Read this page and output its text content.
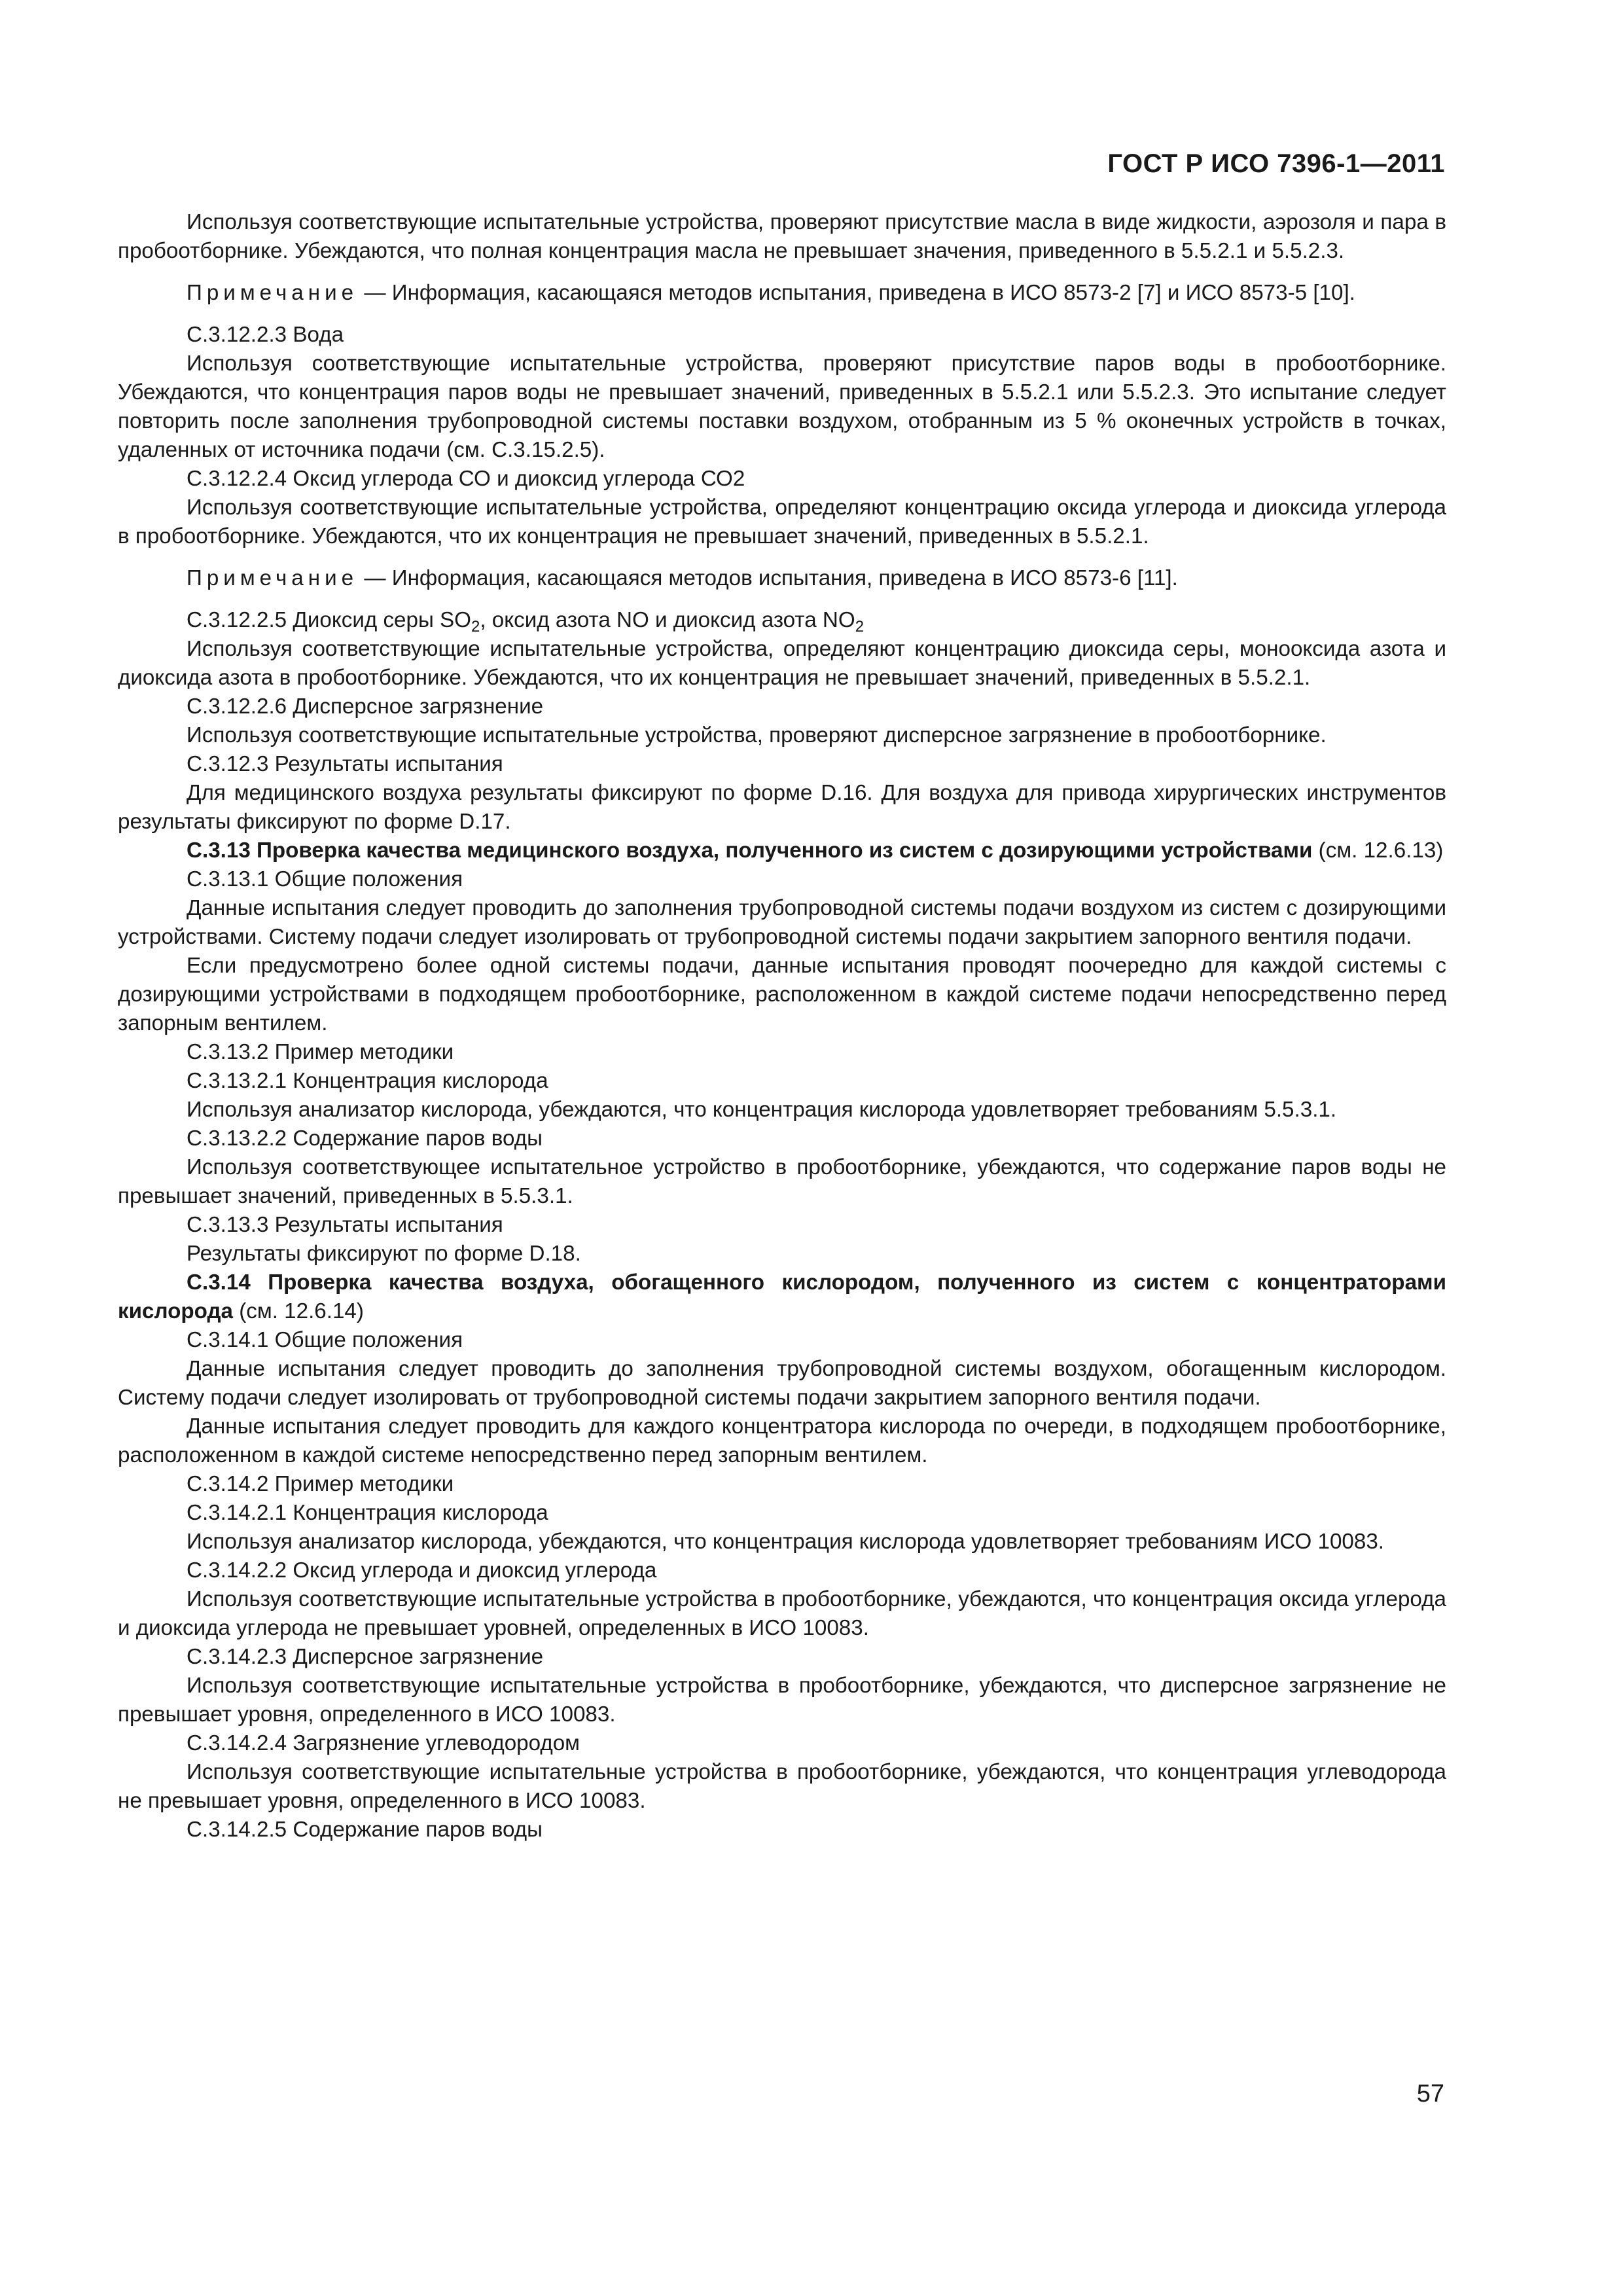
ГОСТ Р ИСО 7396-1—2011

Используя соответствующие испытательные устройства, проверяют присутствие масла в виде жидкости, аэрозоля и пара в пробоотборнике. Убеждаются, что полная концентрация масла не превышает значения, приведенного в 5.5.2.1 и 5.5.2.3.

Примечание — Информация, касающаяся методов испытания, приведена в ИСО 8573-2 [7] и ИСО 8573-5 [10].

С.3.12.2.3 Вода

Используя соответствующие испытательные устройства, проверяют присутствие паров воды в пробоотборнике. Убеждаются, что концентрация паров воды не превышает значений, приведенных в 5.5.2.1 или 5.5.2.3. Это испытание следует повторить после заполнения трубопроводной системы поставки воздухом, отобранным из 5 % оконечных устройств в точках, удаленных от источника подачи (см. С.3.15.2.5).

С.3.12.2.4 Оксид углерода СО и диоксид углерода СО2

Используя соответствующие испытательные устройства, определяют концентрацию оксида углерода и диоксида углерода в пробоотборнике. Убеждаются, что их концентрация не превышает значений, приведенных в 5.5.2.1.

Примечание — Информация, касающаяся методов испытания, приведена в ИСО 8573-6 [11].

С.3.12.2.5 Диоксид серы $SO_2$, оксид азота NO и диоксид азота $NO_2$

Используя соответствующие испытательные устройства, определяют концентрацию диоксида серы, монооксида азота и диоксида азота в пробоотборнике. Убеждаются, что их концентрация не превышает значений, приведенных в 5.5.2.1.

С.3.12.2.6 Дисперсное загрязнение

Используя соответствующие испытательные устройства, проверяют дисперсное загрязнение в пробоотборнике.

С.3.12.3 Результаты испытания

Для медицинского воздуха результаты фиксируют по форме D.16. Для воздуха для привода хирургических инструментов результаты фиксируют по форме D.17.

С.3.13 Проверка качества медицинского воздуха, полученного из систем с дозирующими устройствами (см. 12.6.13)

С.3.13.1 Общие положения

Данные испытания следует проводить до заполнения трубопроводной системы подачи воздухом из систем с дозирующими устройствами. Систему подачи следует изолировать от трубопроводной системы подачи закрытием запорного вентиля подачи.

Если предусмотрено более одной системы подачи, данные испытания проводят поочередно для каждой системы с дозирующими устройствами в подходящем пробоотборнике, расположенном в каждой системе подачи непосредственно перед запорным вентилем.

С.3.13.2 Пример методики

С.3.13.2.1 Концентрация кислорода

Используя анализатор кислорода, убеждаются, что концентрация кислорода удовлетворяет требованиям 5.5.3.1.

С.3.13.2.2 Содержание паров воды

Используя соответствующее испытательное устройство в пробоотборнике, убеждаются, что содержание паров воды не превышает значений, приведенных в 5.5.3.1.

С.3.13.3 Результаты испытания

Результаты фиксируют по форме D.18.

С.3.14 Проверка качества воздуха, обогащенного кислородом, полученного из систем с концентраторами кислорода (см. 12.6.14)

С.3.14.1 Общие положения

Данные испытания следует проводить до заполнения трубопроводной системы воздухом, обогащенным кислородом. Систему подачи следует изолировать от трубопроводной системы подачи закрытием запорного вентиля подачи.

Данные испытания следует проводить для каждого концентратора кислорода по очереди, в подходящем пробоотборнике, расположенном в каждой системе непосредственно перед запорным вентилем.

С.3.14.2 Пример методики

С.3.14.2.1 Концентрация кислорода

Используя анализатор кислорода, убеждаются, что концентрация кислорода удовлетворяет требованиям ИСО 10083.

С.3.14.2.2 Оксид углерода и диоксид углерода

Используя соответствующие испытательные устройства в пробоотборнике, убеждаются, что концентрация оксида углерода и диоксида углерода не превышает уровней, определенных в ИСО 10083.

С.3.14.2.3 Дисперсное загрязнение

Используя соответствующие испытательные устройства в пробоотборнике, убеждаются, что дисперсное загрязнение не превышает уровня, определенного в ИСО 10083.

С.3.14.2.4 Загрязнение углеводородом

Используя соответствующие испытательные устройства в пробоотборнике, убеждаются, что концентрация углеводорода не превышает уровня, определенного в ИСО 10083.

С.3.14.2.5 Содержание паров воды

57
